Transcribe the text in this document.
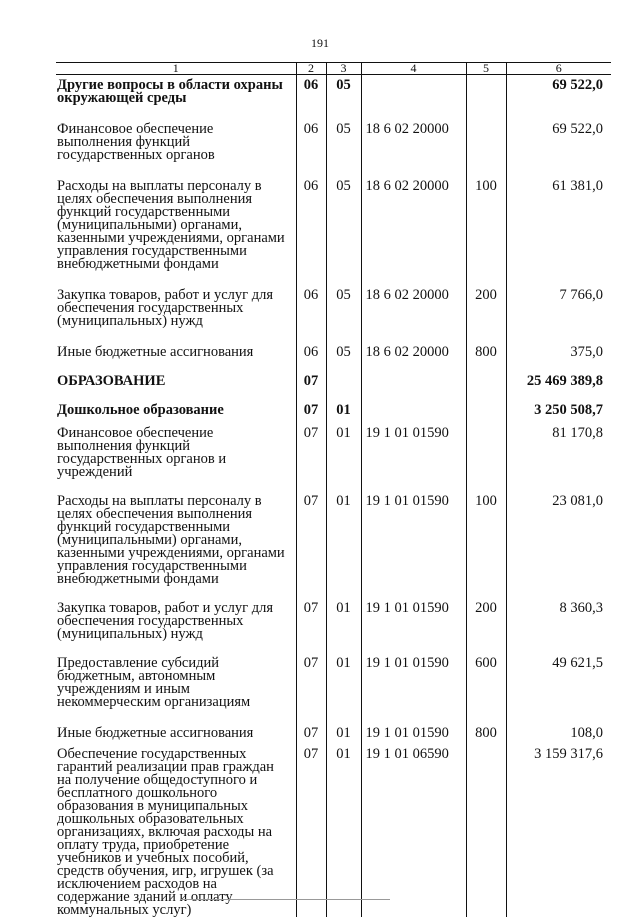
191
1	2	3	4	5	6
Другие вопросы в области охраны окружающей среды	06	05			69 522,0

Финансовое обеспечение выполнения функций государственных органов	06	05	18 6 02 20000		69 522,0

Расходы на выплаты персоналу в целях обеспечения выполнения функций государственными (муниципальными) органами, казенными учреждениями, органами управления государственными внебюджетными фондами	06	05	18 6 02 20000	100	61 381,0

Закупка товаров, работ и услуг для обеспечения государственных (муниципальных) нужд	06	05	18 6 02 20000	200	7 766,0

Иные бюджетные ассигнования	06	05	18 6 02 20000	800	375,0

ОБРАЗОВАНИЕ	07				25 469 389,8

Дошкольное образование	07	01			3 250 508,7

Финансовое обеспечение выполнения функций государственных органов и учреждений	07	01	19 1 01 01590		81 170,8

Расходы на выплаты персоналу в целях обеспечения выполнения функций государственными (муниципальными) органами, казенными учреждениями, органами управления государственными внебюджетными фондами	07	01	19 1 01 01590	100	23 081,0

Закупка товаров, работ и услуг для обеспечения государственных (муниципальных) нужд	07	01	19 1 01 01590	200	8 360,3

Предоставление субсидий бюджетным, автономным учреждениям и иным некоммерческим организациям	07	01	19 1 01 01590	600	49 621,5

Иные бюджетные ассигнования	07	01	19 1 01 01590	800	108,0

Обеспечение государственных гарантий реализации прав граждан на получение общедоступного и бесплатного дошкольного образования в муниципальных дошкольных образовательных организациях, включая расходы на оплату труда, приобретение учебников и учебных пособий, средств обучения, игр, игрушек (за исключением расходов на содержание зданий и оплату коммунальных услуг)	07	01	19 1 01 06590		3 159 317,6
